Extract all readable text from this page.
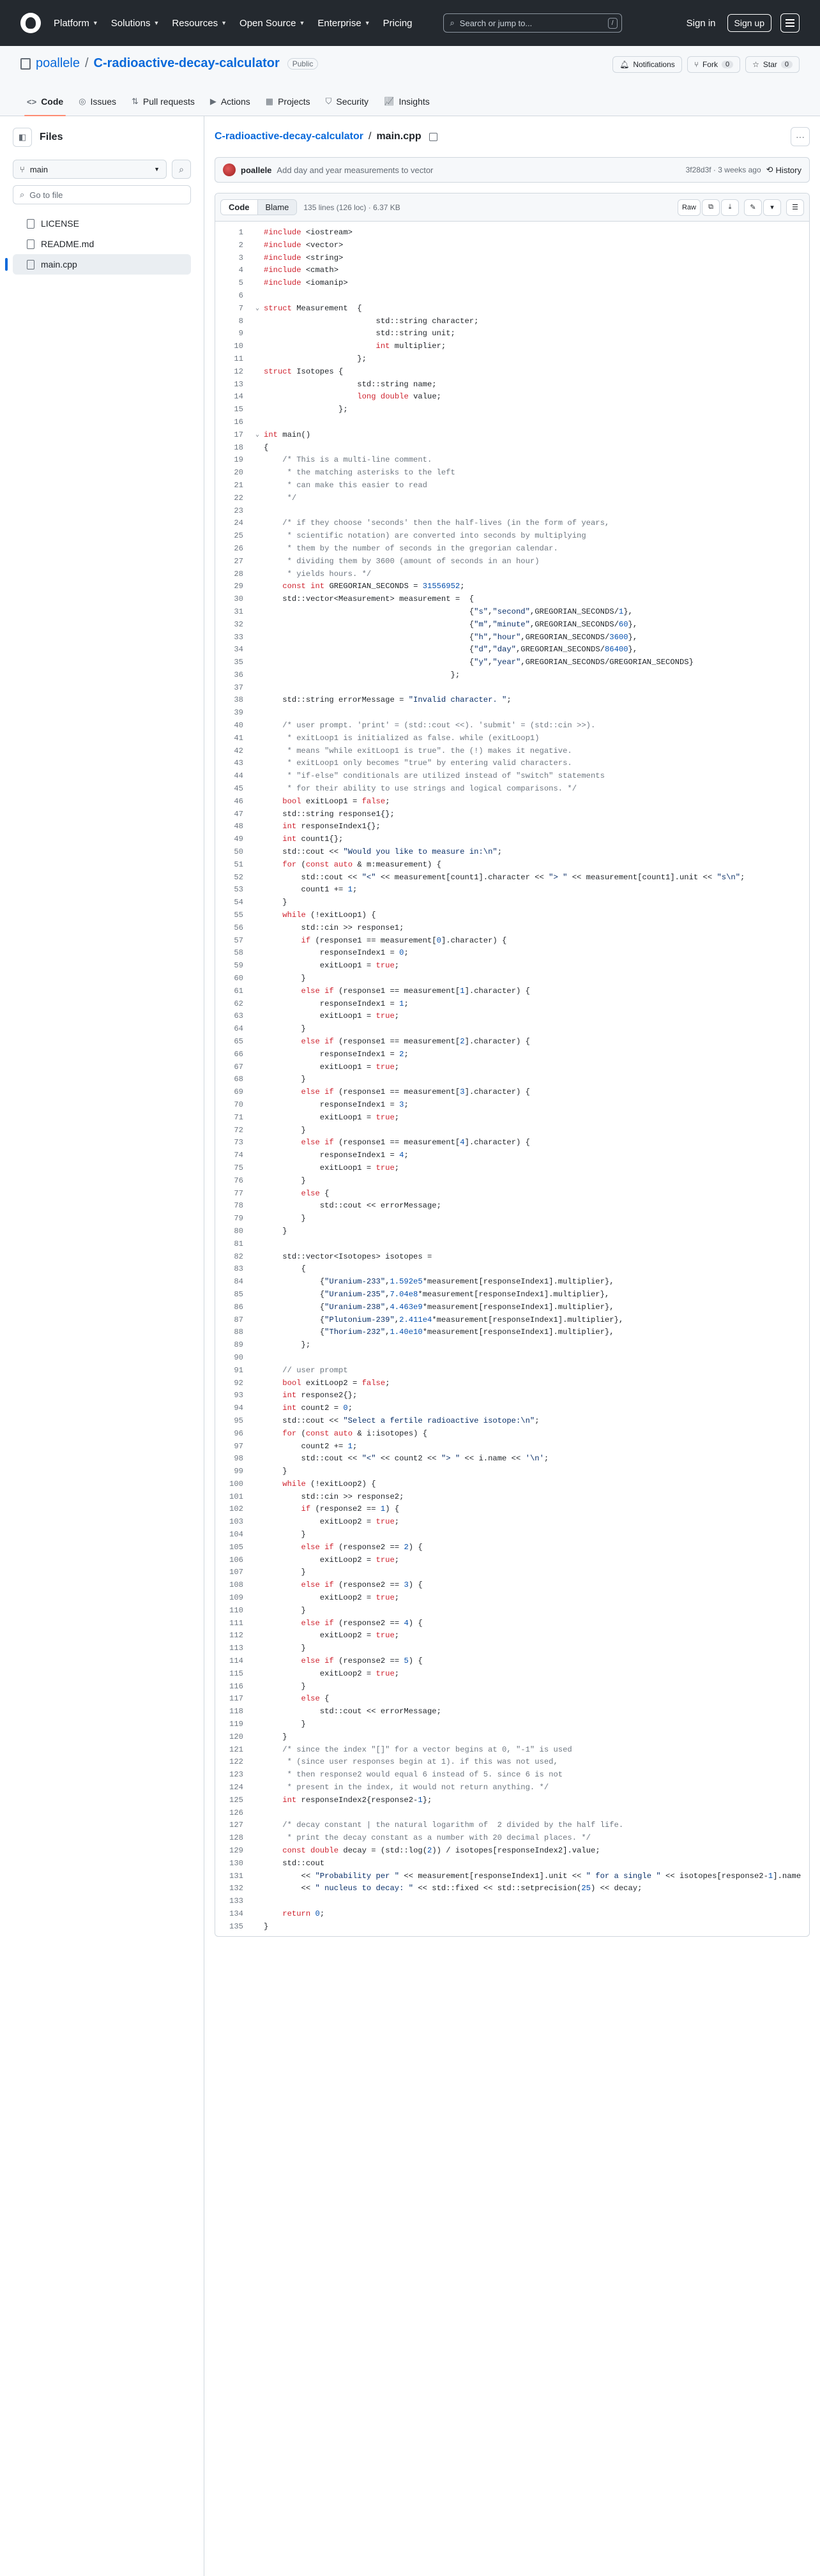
Platform ▼ Solutions ▼ Resources ▼ Open Source ▼ Enterprise ▼ Pricing	⌕ Search or jump to...	/	Sign in	Sign up
poallele / C-radioactive-decay-calculator	Public	🔔︎ Notifications	⑂ Fork	0	☆ Star	0
<> Code ◎ Issues ⇅ Pull requests ▶ Actions ▦ Projects ⛉ Security 📈︎ Insights
◧	Files
⑂ main	▼	⌕
⌕ Go to file
LICENSE
README.md
main.cpp
C-radioactive-decay-calculator / main.cpp	···
poallele Add day and year measurements to vector	3f28d3f · 3 weeks ago ⟲ History
Code	Blame	135 lines (126 loc) · 6.37 KB	Raw	⧉	⤓	✎	▾	☰
1	#include <iostream>
2	#include <vector>
3	#include <string>
4	#include <cmath>
5	#include <iomanip>
6
7	⌄ struct Measurement  {
8	std::string character;
9	std::string unit;
10	int multiplier;
11	};
12	struct Isotopes {
13	std::string name;
14	long double value;
15	};
16
17	⌄ int main()
18	{
19	/* This is a multi-line comment.
20	* the matching asterisks to the left
21	* can make this easier to read
22	*/
23
24	/* if they choose 'seconds' then the half-lives (in the form of years,
25	* scientific notation) are converted into seconds by multiplying
26	* them by the number of seconds in the gregorian calendar.
27	* dividing them by 3600 (amount of seconds in an hour)
28	* yields hours. */
29	const int GREGORIAN_SECONDS = 31556952;
30	std::vector<Measurement> measurement =  {
31	{"s","second",GREGORIAN_SECONDS/1},
32	{"m","minute",GREGORIAN_SECONDS/60},
33	{"h","hour",GREGORIAN_SECONDS/3600},
34	{"d","day",GREGORIAN_SECONDS/86400},
35	{"y","year",GREGORIAN_SECONDS/GREGORIAN_SECONDS}
36	};
37
38	std::string errorMessage = "Invalid character. ";
39
40	/* user prompt. 'print' = (std::cout <<). 'submit' = (std::cin >>).
41	* exitLoop1 is initialized as false. while (exitLoop1)
42	* means "while exitLoop1 is true". the (!) makes it negative.
43	* exitLoop1 only becomes "true" by entering valid characters.
44	* "if-else" conditionals are utilized instead of "switch" statements
45	* for their ability to use strings and logical comparisons. */
46	bool exitLoop1 = false;
47	std::string response1{};
48	int responseIndex1{};
49	int count1{};
50	std::cout << "Would you like to measure in:\n";
51	for (const auto & m:measurement) {
52	std::cout << "<" << measurement[count1].character << "> " << measurement[count1].unit << "s\n";
53	count1 += 1;
54	}
55	while (!exitLoop1) {
56	std::cin >> response1;
57	if (response1 == measurement[0].character) {
58	responseIndex1 = 0;
59	exitLoop1 = true;
60	}
61	else if (response1 == measurement[1].character) {
62	responseIndex1 = 1;
63	exitLoop1 = true;
64	}
65	else if (response1 == measurement[2].character) {
66	responseIndex1 = 2;
67	exitLoop1 = true;
68	}
69	else if (response1 == measurement[3].character) {
70	responseIndex1 = 3;
71	exitLoop1 = true;
72	}
73	else if (response1 == measurement[4].character) {
74	responseIndex1 = 4;
75	exitLoop1 = true;
76	}
77	else {
78	std::cout << errorMessage;
79	}
80	}
81
82	std::vector<Isotopes> isotopes =
83	{
84	{"Uranium-233",1.592e5*measurement[responseIndex1].multiplier},
85	{"Uranium-235",7.04e8*measurement[responseIndex1].multiplier},
86	{"Uranium-238",4.463e9*measurement[responseIndex1].multiplier},
87	{"Plutonium-239",2.411e4*measurement[responseIndex1].multiplier},
88	{"Thorium-232",1.40e10*measurement[responseIndex1].multiplier},
89	};
90
91	// user prompt
92	bool exitLoop2 = false;
93	int response2{};
94	int count2 = 0;
95	std::cout << "Select a fertile radioactive isotope:\n";
96	for (const auto & i:isotopes) {
97	count2 += 1;
98	std::cout << "<" << count2 << "> " << i.name << '\n';
99	}
100	while (!exitLoop2) {
101	std::cin >> response2;
102	if (response2 == 1) {
103	exitLoop2 = true;
104	}
105	else if (response2 == 2) {
106	exitLoop2 = true;
107	}
108	else if (response2 == 3) {
109	exitLoop2 = true;
110	}
111	else if (response2 == 4) {
112	exitLoop2 = true;
113	}
114	else if (response2 == 5) {
115	exitLoop2 = true;
116	}
117	else {
118	std::cout << errorMessage;
119	}
120	}
121	/* since the index "[]" for a vector begins at 0, "-1" is used
122	* (since user responses begin at 1). if this was not used,
123	* then response2 would equal 6 instead of 5. since 6 is not
124	* present in the index, it would not return anything. */
125	int responseIndex2{response2-1};
126
127	/* decay constant | the natural logarithm of  2 divided by the half life.
128	* print the decay constant as a number with 20 decimal places. */
129	const double decay = (std::log(2)) / isotopes[responseIndex2].value;
130	std::cout
131	<< "Probability per " << measurement[responseIndex1].unit << " for a single " << isotopes[response2-1].name
132	<< " nucleus to decay: " << std::fixed << std::setprecision(25) << decay;
133
134	return 0;
135	}
